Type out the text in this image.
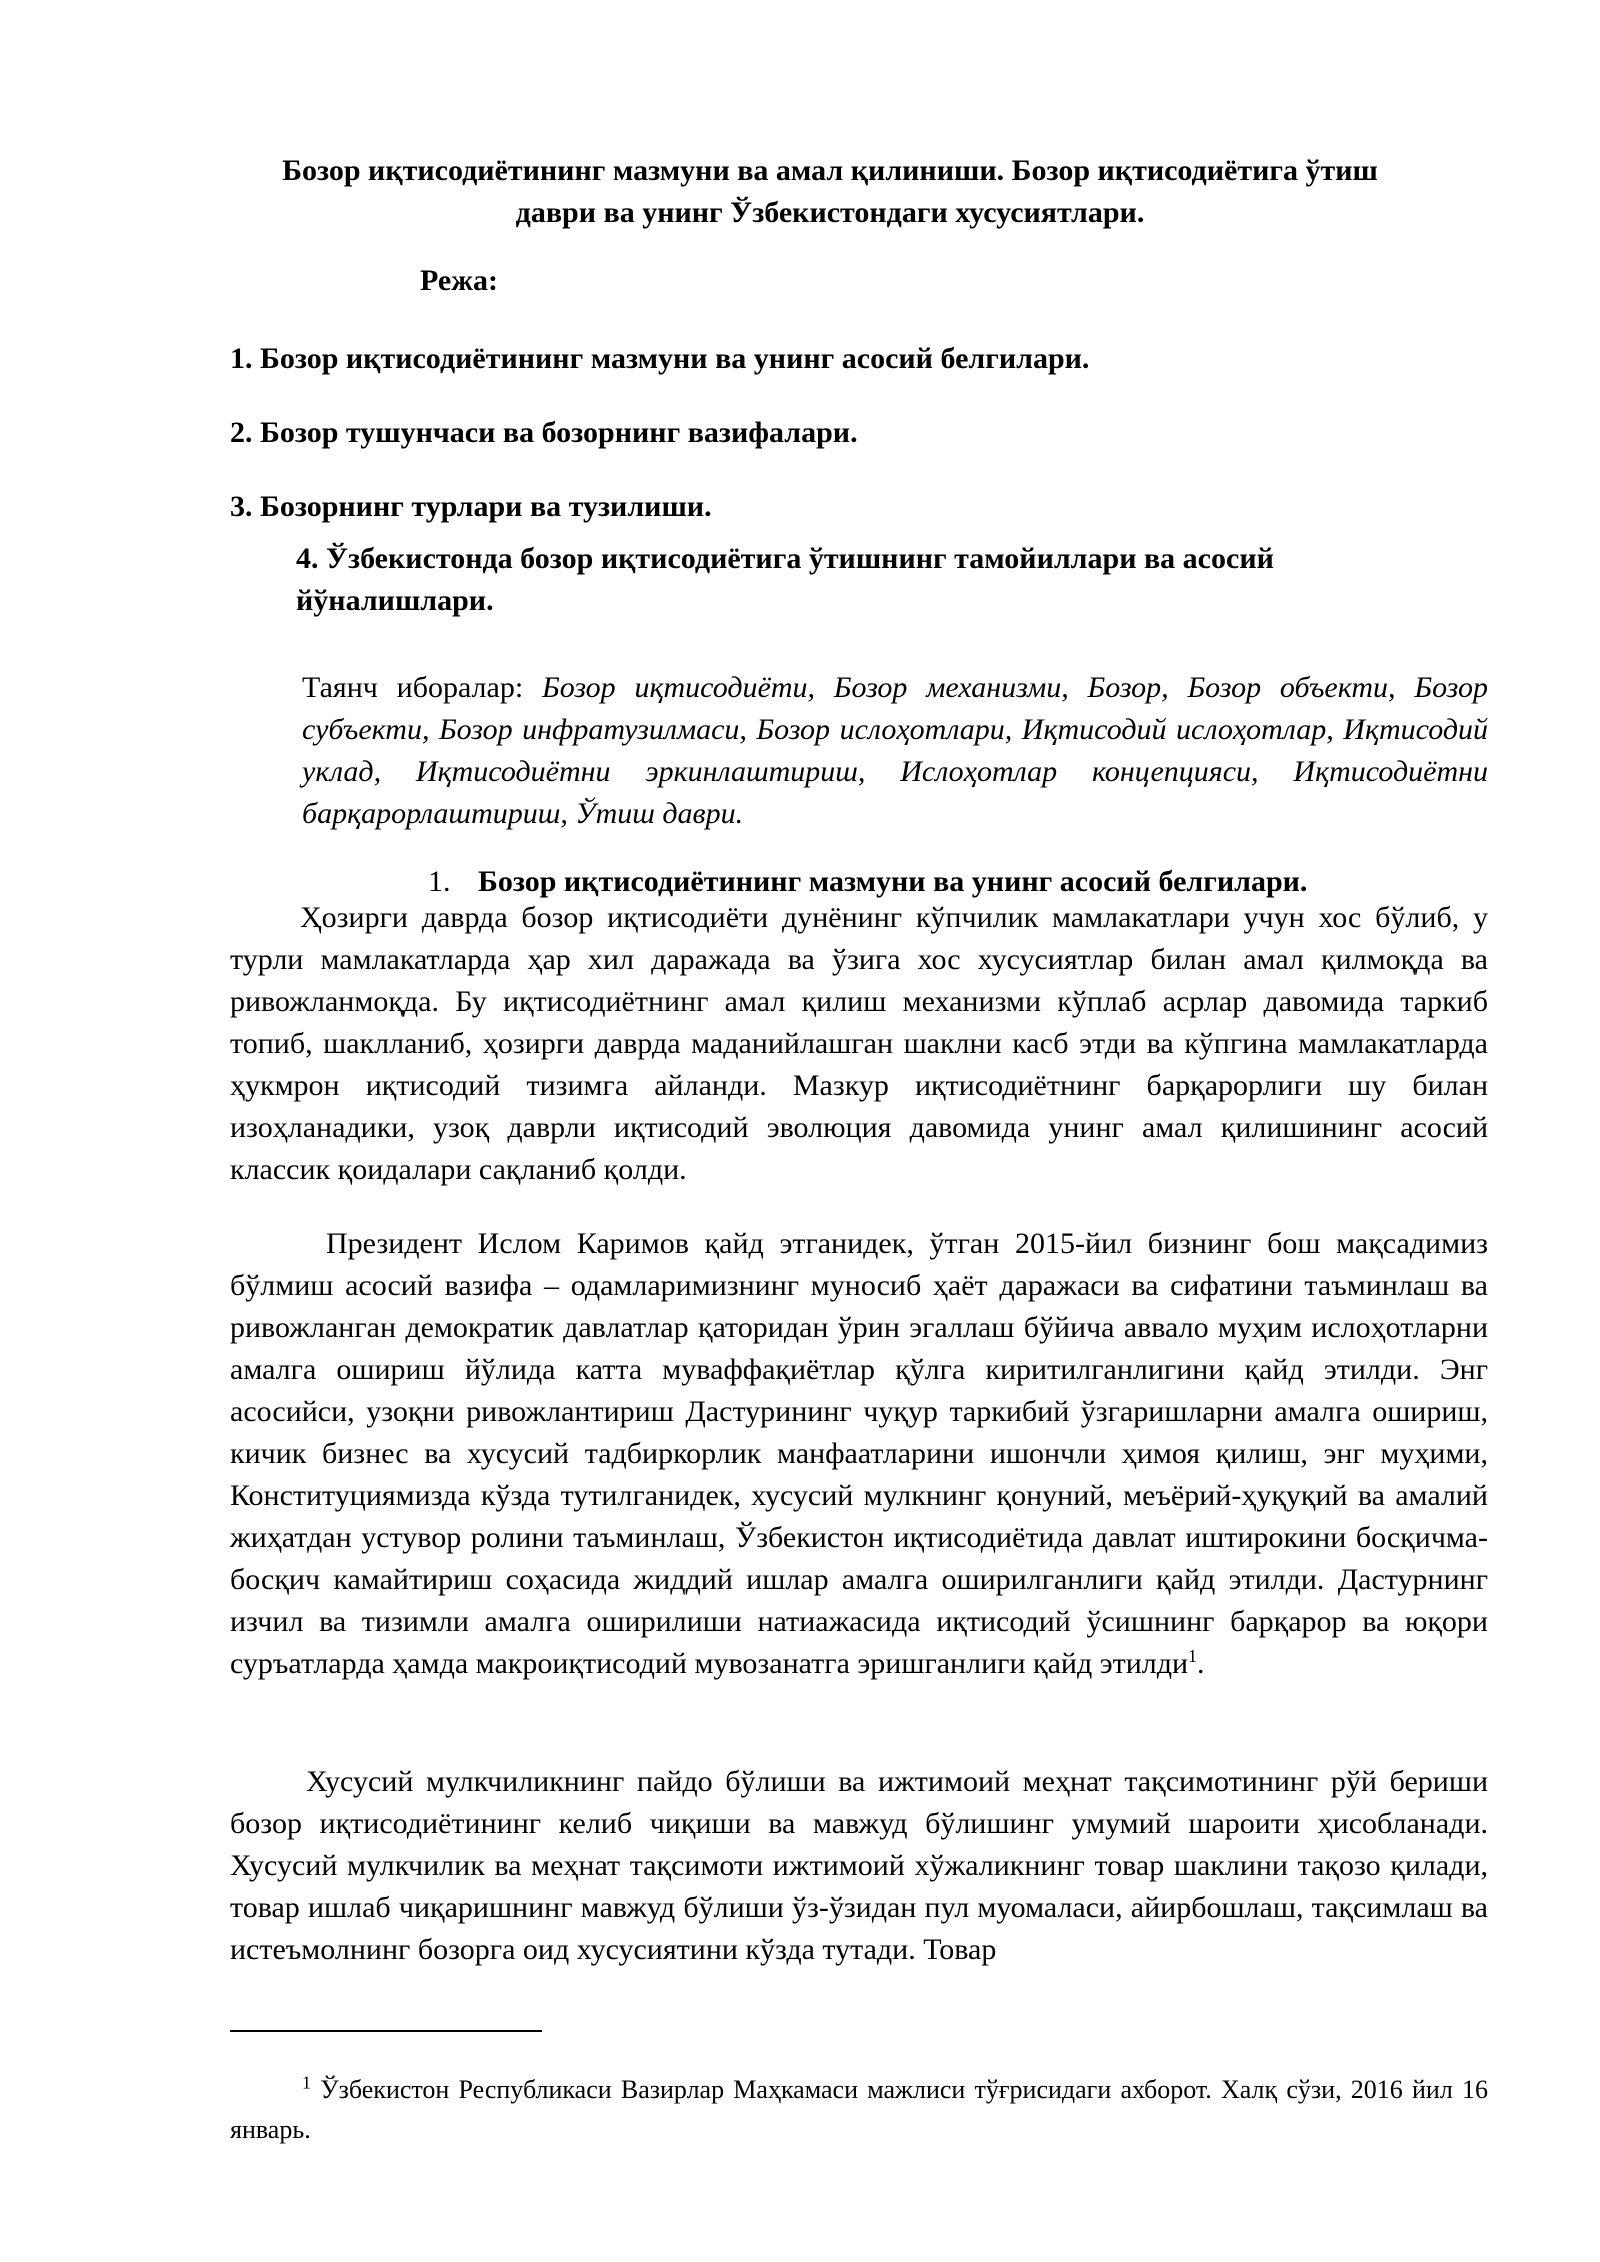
Бозор иқтисодиётининг мазмуни ва амал қилиниши. Бозор иқтисодиётига ўтиш
даври ва унинг Ўзбекистондаги хусусиятлари.
Режа:
1. Бозор иқтисодиётининг мазмуни ва унинг асосий белгилари.
2. Бозор тушунчаси ва бозорнинг вазифалари.
3. Бозорнинг турлари ва тузилиши.
4. Ўзбекистонда бозор иқтисодиётига ўтишнинг тамойиллари ва асосий йўналишлари.
Таянч иборалар: Бозор иқтисодиёти, Бозор механизми, Бозор, Бозор объекти, Бозор субъекти, Бозор инфратузилмаси, Бозор ислоҳотлари, Иқтисодий ислоҳотлар, Иқтисодий уклад, Иқтисодиётни эркинлаштириш, Ислоҳотлар концепцияси, Иқтисодиётни барқарорлаштириш, Ўтиш даври.
1. Бозор иқтисодиётининг мазмуни ва унинг асосий белгилари.

Ҳозирги даврда бозор иқтисодиёти дунёнинг кўпчилик мамлакатлари учун хос бўлиб, у турли мамлакатларда ҳар хил даражада ва ўзига хос хусусиятлар билан амал қилмоқда ва ривожланмоқда. Бу иқтисодиётнинг амал қилиш механизми кўплаб асрлар давомида таркиб топиб, шаклланиб, ҳозирги даврда маданийлашган шаклни касб этди ва кўпгина мамлакатларда ҳукмрон иқтисодий тизимга айланди. Мазкур иқтисодиётнинг барқарорлиги шу билан изоҳланадики, узоқ даврли иқтисодий эволюция давомида унинг амал қилишининг асосий классик қоидалари сақланиб қолди.

Президент Ислом Каримов қайд этганидек, ўтган 2015-йил бизнинг бош мақсадимиз бўлмиш асосий вазифа – одамларимизнинг муносиб ҳаёт даражаси ва сифатини таъминлаш ва ривожланган демократик давлатлар қаторидан ўрин эгаллаш бўйича аввало муҳим ислоҳотларни амалга ошириш йўлида катта муваффақиётлар қўлга киритилганлигини қайд этилди. Энг асосийси, узоқни ривожлантириш Дастурининг чуқур таркибий ўзгаришларни амалга ошириш, кичик бизнес ва хусусий тадбиркорлик манфаатларини ишончли ҳимоя қилиш, энг муҳими, Конституциямизда кўзда тутилганидек, хусусий мулкнинг қонуний, меъёрий-ҳуқуқий ва амалий жиҳатдан устувор ролини таъминлаш, Ўзбекистон иқтисодиётида давлат иштирокини босқичма-босқич камайтириш соҳасида жиддий ишлар амалга оширилганлиги қайд этилди. Дастурнинг изчил ва тизимли амалга оширилиши натиажасида иқтисодий ўсишнинг барқарор ва юқори суръатларда ҳамда макроиқтисодий мувозанатга эришганлиги қайд этилди$^1$.

Хусусий мулкчиликнинг пайдо бўлиши ва ижтимоий меҳнат тақсимотининг рўй бериши бозор иқтисодиётининг келиб чиқиши ва мавжуд бўлишинг умумий шароити ҳисобланади. Хусусий мулкчилик ва меҳнат тақсимоти ижтимоий хўжаликнинг товар шаклини тақозо қилади, товар ишлаб чиқаришнинг мавжуд бўлиши ўз-ўзидан пул муомаласи, айирбошлаш, тақсимлаш ва истеъмолнинг бозорга оид хусусиятини кўзда тутади. Товар

$^1$ Ўзбекистон Республикаси Вазирлар Маҳкамаси мажлиси тўғрисидаги ахборот. Халқ сўзи, 2016 йил 16 январь.
